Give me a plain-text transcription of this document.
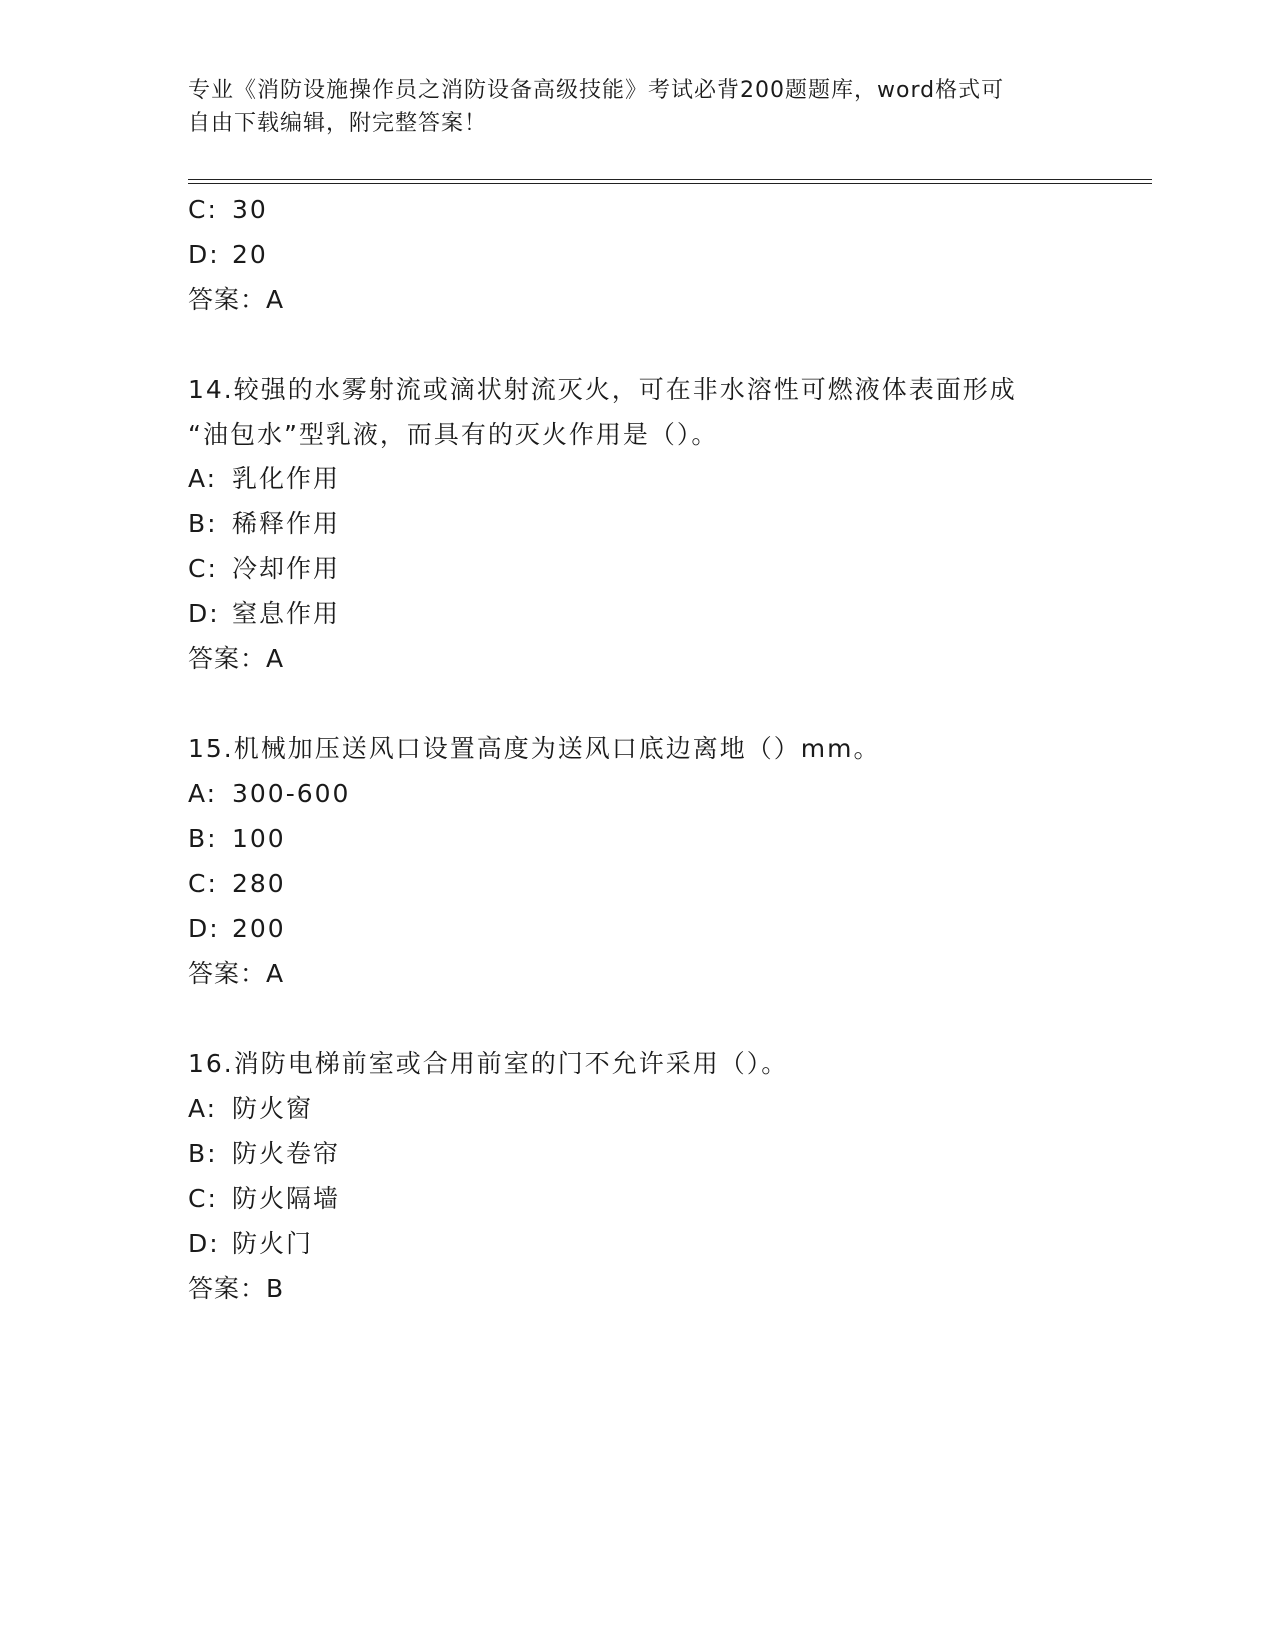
专业《消防设施操作员之消防设备高级技能》考试必背200题题库，word格式可
自由下载编辑，附完整答案！
C: 30
D: 20
答案：A
14.较强的水雾射流或滴状射流灭火，可在非水溶性可燃液体表面形成
“油包水”型乳液，而具有的灭火作用是（）。
A: 乳化作用
B: 稀释作用
C: 冷却作用
D: 窒息作用
答案：A
15.机械加压送风口设置高度为送风口底边离地（）mm。
A: 300-600
B: 100
C: 280
D: 200
答案：A
16.消防电梯前室或合用前室的门不允许采用（）。
A: 防火窗
B: 防火卷帘
C: 防火隔墙
D: 防火门
答案：B
